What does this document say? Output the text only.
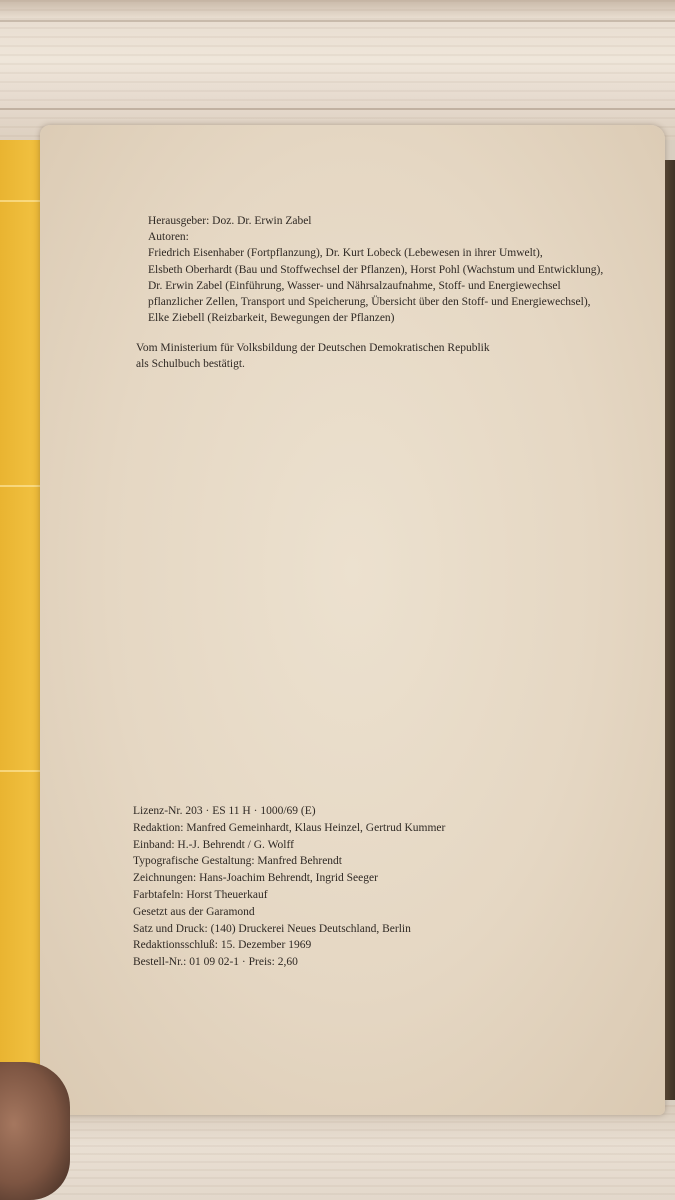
Herausgeber: Doz. Dr. Erwin Zabel
Autoren:
Friedrich Eisenhaber (Fortpflanzung), Dr. Kurt Lobeck (Lebewesen in ihrer Umwelt),
Elsbeth Oberhardt (Bau und Stoffwechsel der Pflanzen), Horst Pohl (Wachstum und Entwicklung),
Dr. Erwin Zabel (Einführung, Wasser- und Nährsalzaufnahme, Stoff- und Energiewechsel
pflanzlicher Zellen, Transport und Speicherung, Übersicht über den Stoff- und Energiewechsel),
Elke Ziebell (Reizbarkeit, Bewegungen der Pflanzen)
Vom Ministerium für Volksbildung der Deutschen Demokratischen Republik
als Schulbuch bestätigt.
Lizenz-Nr. 203 · ES 11 H · 1000/69 (E)
Redaktion: Manfred Gemeinhardt, Klaus Heinzel, Gertrud Kummer
Einband: H.-J. Behrendt / G. Wolff
Typografische Gestaltung: Manfred Behrendt
Zeichnungen: Hans-Joachim Behrendt, Ingrid Seeger
Farbtafeln: Horst Theuerkauf
Gesetzt aus der Garamond
Satz und Druck: (140) Druckerei Neues Deutschland, Berlin
Redaktionsschluß: 15. Dezember 1969
Bestell-Nr.: 01 09 02-1 · Preis: 2,60
